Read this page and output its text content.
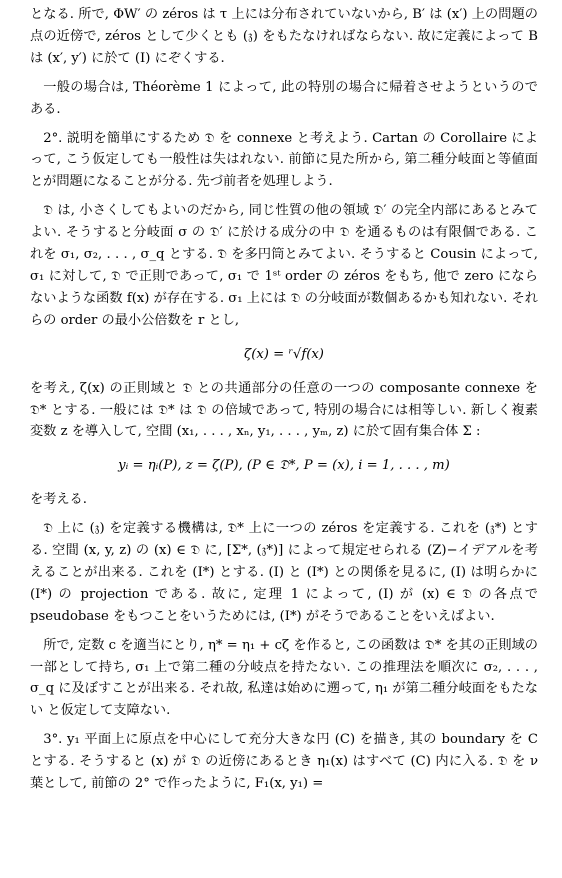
となる. 所で, ΦW′ の zéros は τ 上には分布されていないから, B′ は (x′) 上の問題の点の近傍で, zéros として少くとも (𝔷) をもたなければならない. 故に定義によって B は (x′, y′) に於て (I) にぞくする.

一般の場合は, Théorème 1 によって, 此の特別の場合に帰着させようというのである.

2°. 説明を簡単にするため 𝔇 を connexe と考えよう. Cartan の Corollaire によって, こう仮定しても一般性は失はれない. 前節に見た所から, 第二種分岐面と等値面とが問題になることが分る. 先づ前者を処理しよう.

𝔇 は, 小さくしてもよいのだから, 同じ性質の他の領域 𝔇′ の完全内部にあるとみてよい. そうすると分岐面 σ の 𝔇′ に於ける成分の中 𝔇 を通るものは有限個である. これを σ₁, σ₂, . . . , σ_q とする. 𝔇 を多円筒とみてよい. そうすると Cousin によって, σ₁ に対して, 𝔇 で正則であって, σ₁ で 1ˢᵗ order の zéros をもち, 他で zero にならないような函数 f(x) が存在する. σ₁ 上には 𝔇 の分岐面が数個あるかも知れない. それらの order の最小公倍数を r とし,

ζ(x) = ʳ√f(x)

を考え, ζ(x) の正則域と 𝔇 との共通部分の任意の一つの composante connexe を 𝔇* とする. 一般には 𝔇* は 𝔇 の倍域であって, 特別の場合には相等しい. 新しく複素変数 z を導入して, 空間 (x₁, . . . , xₙ, y₁, . . . , yₘ, z) に於て固有集合体 Σ :

yᵢ = ηᵢ(P), z = ζ(P), (P ∈ 𝔇*, P = (x), i = 1, . . . , m)

を考える.

𝔇 上に (𝔷) を定義する機構は, 𝔇* 上に一つの zéros を定義する. これを (𝔷*) とする. 空間 (x, y, z) の (x) ∈ 𝔇 に, [Σ*, (𝔷*)] によって規定せられる (Z)−イデアルを考えることが出来る. これを (I*) とする. (I) と (I*) との関係を見るに, (I) は明らかに (I*) の projection である. 故に, 定理 1 によって, (I) が (x) ∈ 𝔇 の各点で pseudobase をもつことをいうためには, (I*) がそうであることをいえばよい.

所で, 定数 c を適当にとり, η* = η₁ + cζ を作ると, この函数は 𝔇* を其の正則域の一部として持ち, σ₁ 上で第二種の分岐点を持たない. この推理法を順次に σ₂, . . . , σ_q に及ぼすことが出来る. それ故, 私達は始めに遡って, η₁ が第二種分岐面をもたない と仮定して支障ない.

3°. y₁ 平面上に原点を中心にして充分大きな円 (C) を描き, 其の boundary を C とする. そうすると (x) が 𝔇 の近傍にあるとき η₁(x) はすべて (C) 内に入る. 𝔇 を ν 葉として, 前節の 2° で作ったように, F₁(x, y₁) =
